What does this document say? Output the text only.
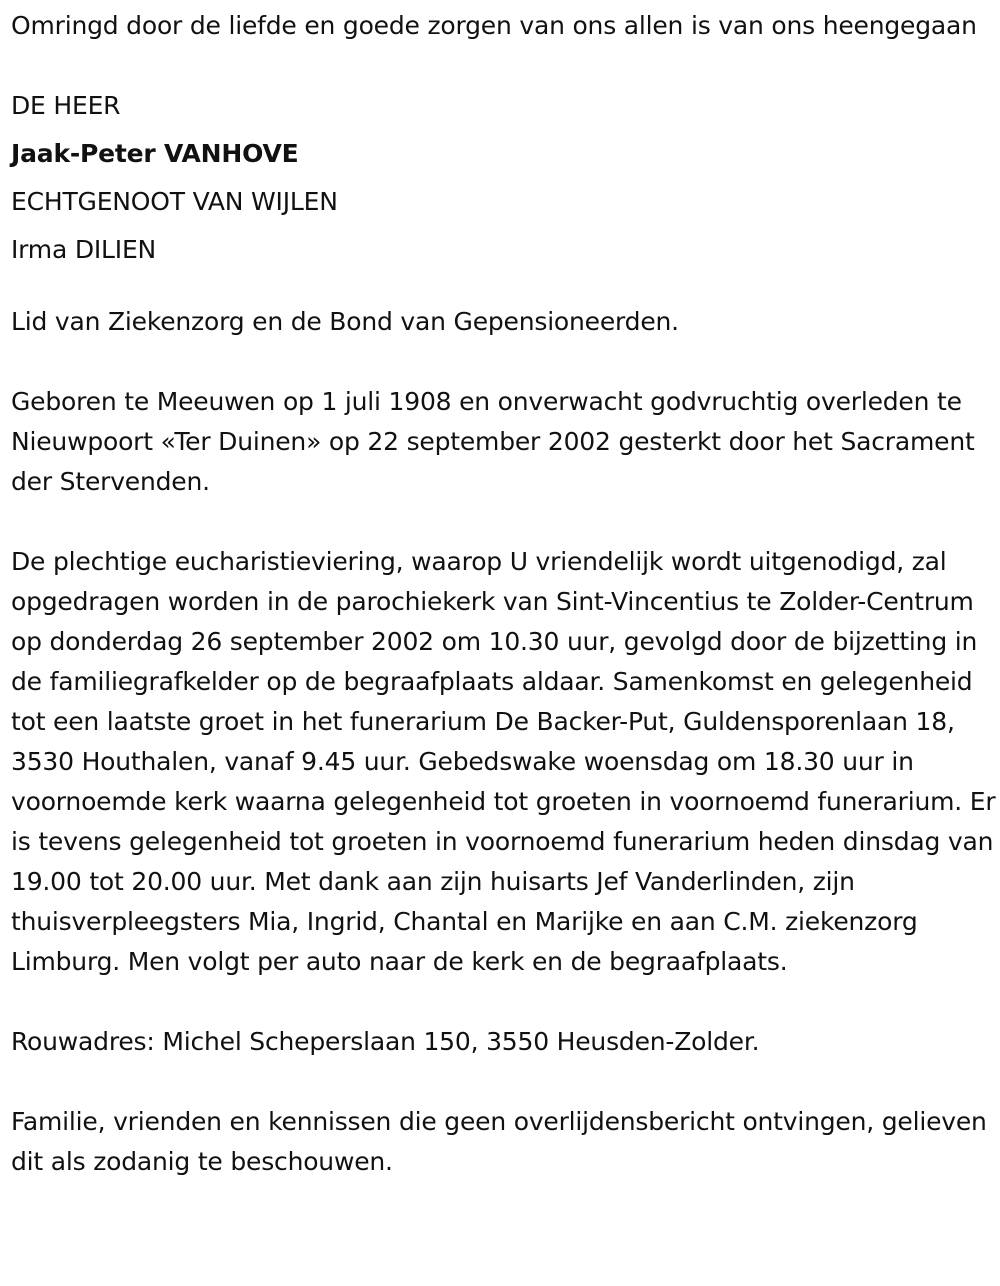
Omringd door de liefde en goede zorgen van ons allen is van ons heengegaan

DE HEER
Jaak-Peter VANHOVE
ECHTGENOOT VAN WIJLEN
Irma DILIEN

Lid van Ziekenzorg en de Bond van Gepensioneerden.

Geboren te Meeuwen op 1 juli 1908 en onverwacht godvruchtig overleden te Nieuwpoort «Ter Duinen» op 22 september 2002 gesterkt door het Sacrament der Stervenden.

De plechtige eucharistieviering, waarop U vriendelijk wordt uitgenodigd, zal opgedragen worden in de parochiekerk van Sint-Vincentius te Zolder-Centrum op donderdag 26 september 2002 om 10.30 uur, gevolgd door de bijzetting in de familiegrafkelder op de begraafplaats aldaar. Samenkomst en gelegenheid tot een laatste groet in het funerarium De Backer-Put, Guldensporenlaan 18, 3530 Houthalen, vanaf 9.45 uur. Gebedswake woensdag om 18.30 uur in voornoemde kerk waarna gelegenheid tot groeten in voornoemd funerarium. Er is tevens gelegenheid tot groeten in voornoemd funerarium heden dinsdag van 19.00 tot 20.00 uur. Met dank aan zijn huisarts Jef Vanderlinden, zijn thuisverpleegsters Mia, Ingrid, Chantal en Marijke en aan C.M. ziekenzorg Limburg. Men volgt per auto naar de kerk en de begraafplaats.

Rouwadres: Michel Scheperslaan 150, 3550 Heusden-Zolder.

Familie, vrienden en kennissen die geen overlijdensbericht ontvingen, gelieven dit als zodanig te beschouwen.
